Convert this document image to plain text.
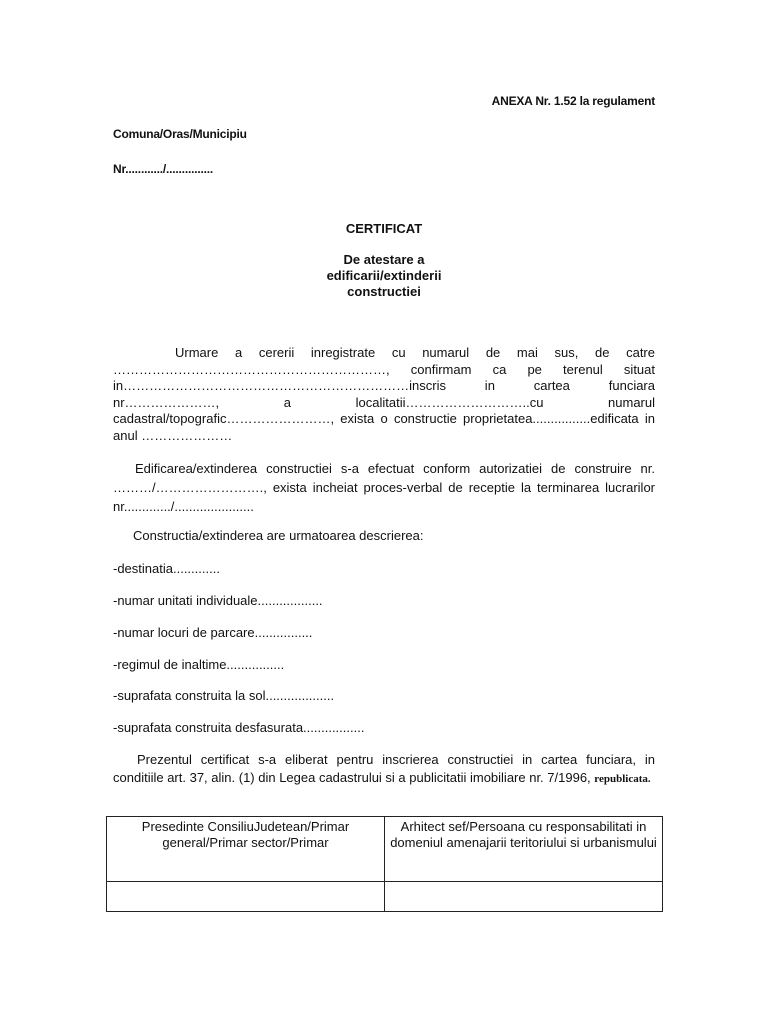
ANEXA Nr. 1.52 la regulament
Comuna/Oras/Municipiu
Nr............/...............
CERTIFICAT
De atestare a
edificarii/extinderii
constructiei
Urmare a cererii inregistrate cu numarul de mai sus, de catre ………………………………………………………, confirmam ca pe terenul situat in…………………………………………………………inscris in cartea funciara nr…………………, a localitatii………………………..cu numarul cadastral/topografic……………………, exista o constructie proprietatea................edificata in anul …………………
Edificarea/extinderea constructiei s-a efectuat conform autorizatiei de construire nr. ………/……………………., exista incheiat proces-verbal de receptie la terminarea lucrarilor nr............./......................
Constructia/extinderea are urmatoarea descrierea:
-destinatia.............
-numar unitati individuale..................
-numar locuri de parcare................
-regimul de inaltime................
-suprafata construita la sol...................
-suprafata construita desfasurata.................
Prezentul certificat s-a eliberat pentru inscrierea constructiei in cartea funciara, in conditiile art. 37, alin. (1) din Legea cadastrului si a publicitatii imobiliare nr. 7/1996, republicata.
Presedinte ConsiliuJudetean/Primar general/Primar sector/Primar	Arhitect sef/Persoana cu responsabilitati in domeniul amenajarii teritoriului si urbanismului
